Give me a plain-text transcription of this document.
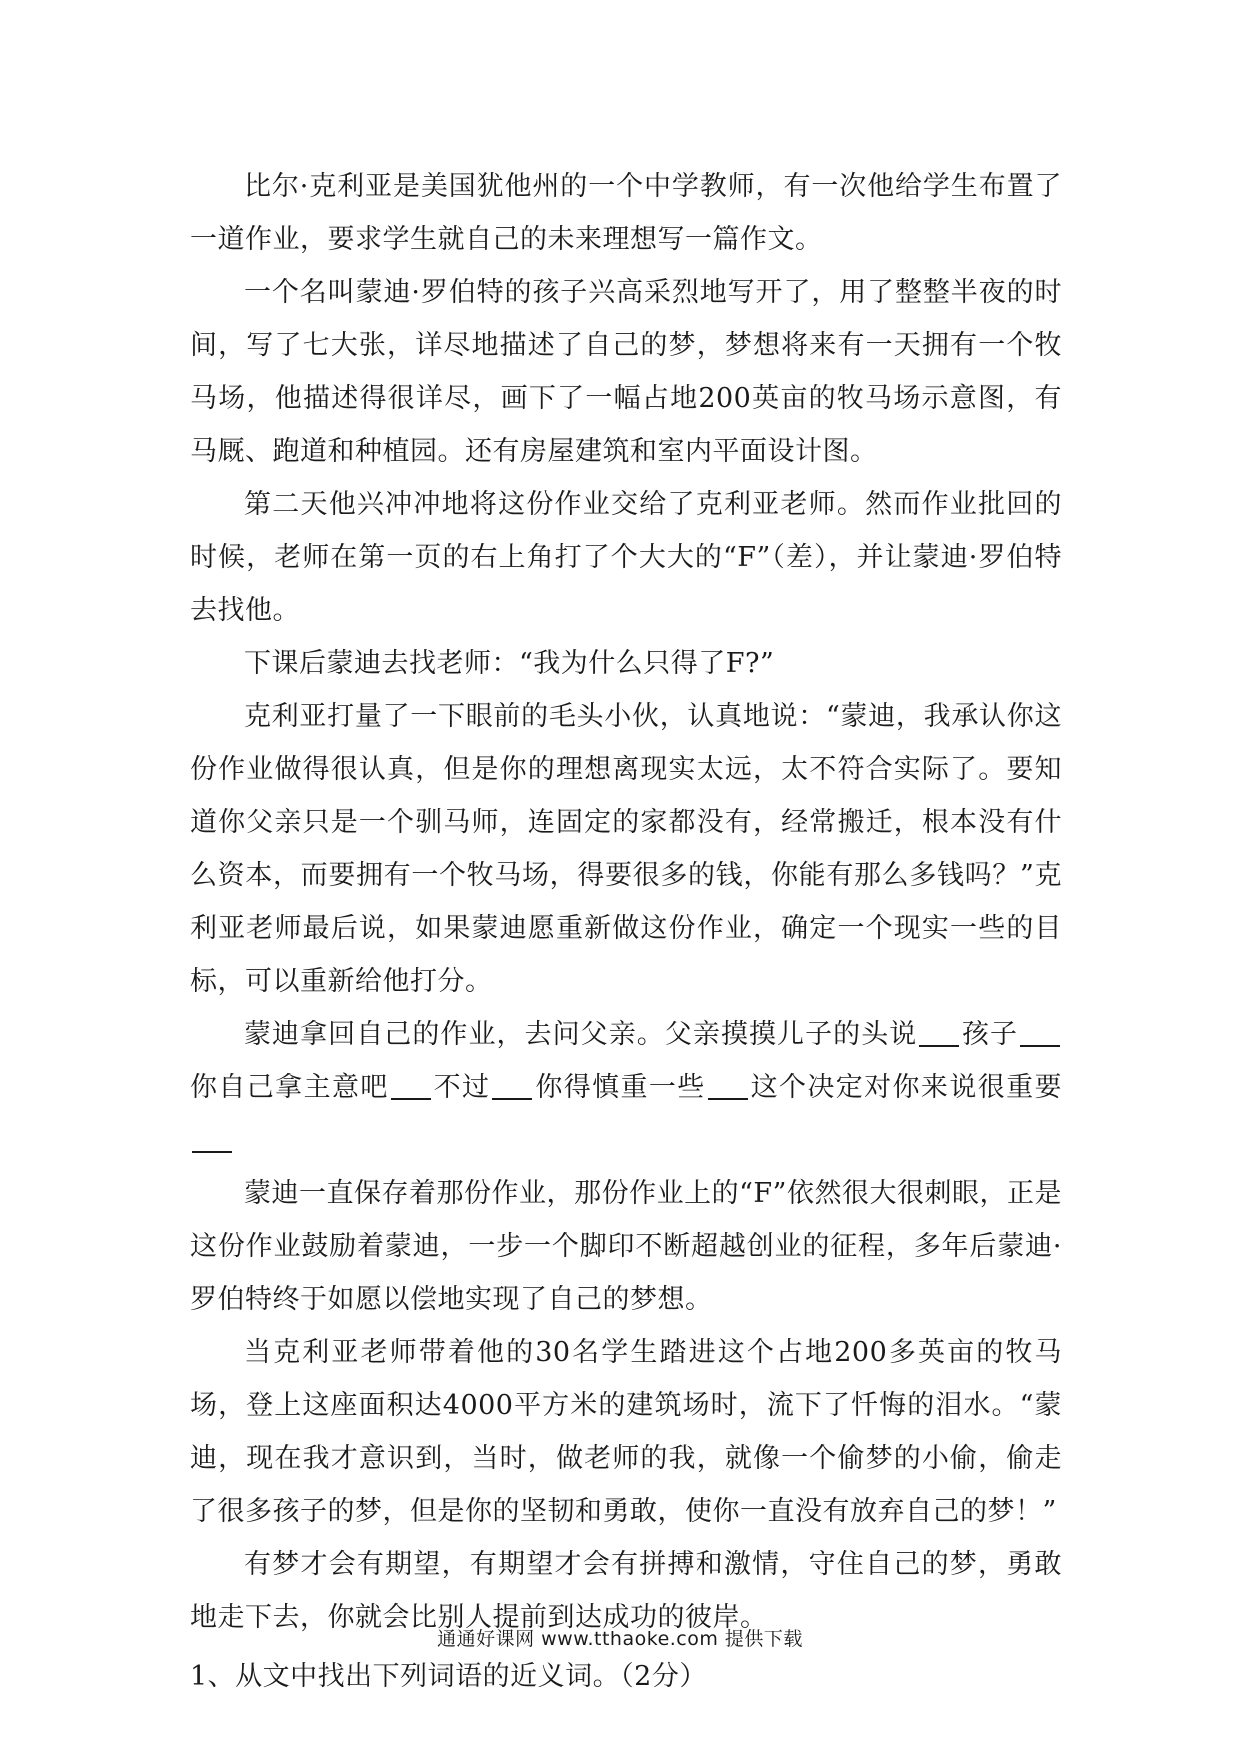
比尔·克利亚是美国犹他州的一个中学教师，有一次他给学生布置了一道作业，要求学生就自己的未来理想写一篇作文。

一个名叫蒙迪·罗伯特的孩子兴高采烈地写开了，用了整整半夜的时间，写了七大张，详尽地描述了自己的梦，梦想将来有一天拥有一个牧马场，他描述得很详尽，画下了一幅占地200英亩的牧马场示意图，有马厩、跑道和种植园。还有房屋建筑和室内平面设计图。

第二天他兴冲冲地将这份作业交给了克利亚老师。然而作业批回的时候，老师在第一页的右上角打了个大大的“F”（差），并让蒙迪·罗伯特去找他。

下课后蒙迪去找老师：“我为什么只得了F?”

克利亚打量了一下眼前的毛头小伙，认真地说：“蒙迪，我承认你这份作业做得很认真，但是你的理想离现实太远，太不符合实际了。要知道你父亲只是一个驯马师，连固定的家都没有，经常搬迁，根本没有什么资本，而要拥有一个牧马场，得要很多的钱，你能有那么多钱吗？”克利亚老师最后说，如果蒙迪愿重新做这份作业，确定一个现实一些的目标，可以重新给他打分。

蒙迪拿回自己的作业，去问父亲。父亲摸摸儿子的头说 孩子你自己拿主意吧 不过 你得慎重一些 这个决定对你来说很重要

蒙迪一直保存着那份作业，那份作业上的“F”依然很大很刺眼，正是这份作业鼓励着蒙迪，一步一个脚印不断超越创业的征程，多年后蒙迪·罗伯特终于如愿以偿地实现了自己的梦想。

当克利亚老师带着他的30名学生踏进这个占地200多英亩的牧马场，登上这座面积达4000平方米的建筑场时，流下了忏悔的泪水。“蒙迪，现在我才意识到，当时，做老师的我，就像一个偷梦的小偷，偷走了很多孩子的梦，但是你的坚韧和勇敢，使你一直没有放弃自己的梦！”

有梦才会有期望，有期望才会有拼搏和激情，守住自己的梦，勇敢地走下去，你就会比别人提前到达成功的彼岸。

1、从文中找出下列词语的近义词。（2分）

通通好课网 www.tthaoke.com 提供下载
